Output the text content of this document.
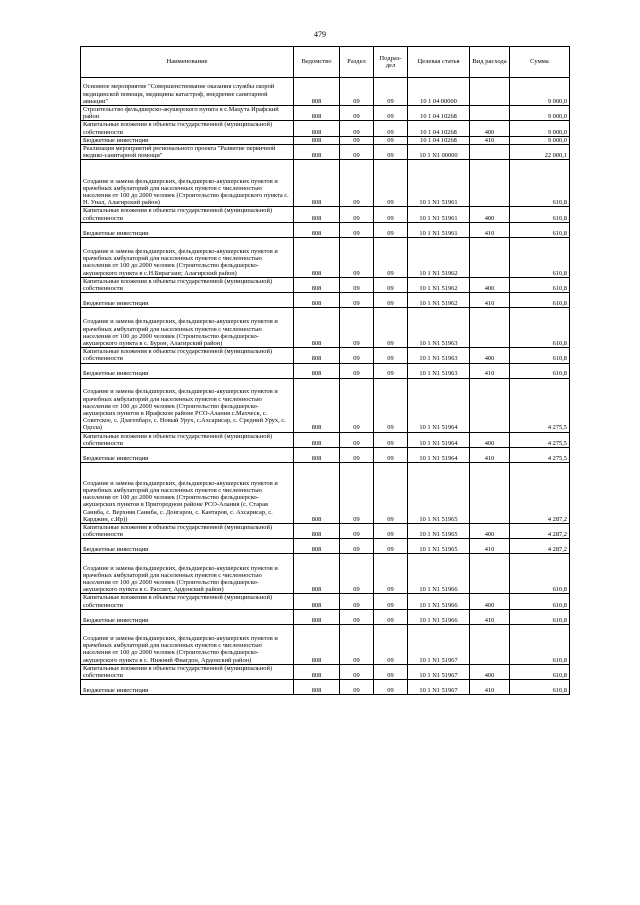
479
Наименование	Ведомство	Раздел	Подраз-дел	Целевая статья	Вид расхода	Сумма
Основное мероприятие "Совершенствование оказания службы скорой медицинской помощи, медицины катастроф, внедрение санитарной авиации"	808	09	09	10 1 04 00000		9 000,0
Строительство фельдшерско-акушерского пункта в с.Мацута Ирафский район	808	09	09	10 1 04 10268		9 000,0
Капитальные вложения в объекты государственной (муниципальной) собственности	808	09	09	10 1 04 10268	400	9 000,0
Бюджетные инвестиции	808	09	09	10 1 04 10268	410	9 000,0
Реализация мероприятий регионального проекта "Развитие первичной медико-санитарной помощи"	808	09	09	10 1 N1 00000		22 000,1
Создание и замена фельдшерских, фельдшерско-акушерских пунктов и врачебных амбулаторий для населенных пунктов с численностью населения от 100 до 2000 человек (Строительство фельдшерского пункта с. Н. Унал, Алагирский район)	808	09	09	10 1 N1 51961		610,8
Капитальные вложения в объекты государственной (муниципальной) собственности	808	09	09	10 1 N1 51961	400	610,8
Бюджетные инвестиции	808	09	09	10 1 N1 51961	410	610,8
Создание и замена фельдшерских, фельдшерско-акушерских пунктов и врачебных амбулаторий для населенных пунктов с численностью населения от 100 до 2000 человек (Строительство фельдшерско-акушерского пункта в с.Н.Бирагзанг, Алагирский район)	808	09	09	10 1 N1 51962		610,8
Капитальные вложения в объекты государственной (муниципальной) собственности	808	09	09	10 1 N1 51962	400	610,8
Бюджетные инвестиции	808	09	09	10 1 N1 51962	410	610,8
Создание и замена фельдшерских, фельдшерско-акушерских пунктов и врачебных амбулаторий для населенных пунктов с численностью населения от 100 до 2000 человек (Строительство фельдшерско-акушерского пункта в с. Бурон, Алагирский район)	808	09	09	10 1 N1 51963		610,8
Капитальные вложения в объекты государственной (муниципальной) собственности	808	09	09	10 1 N1 51963	400	610,8
Бюджетные инвестиции	808	09	09	10 1 N1 51963	410	610,8
Создание и замена фельдшерских, фельдшерско-акушерских пунктов и врачебных амбулаторий для населенных пунктов с численностью населения от 100 до 2000 человек (Строительство фельдшерско-акушерских пунктов в Ирафском районе РСО-Алания с.Махческ, с. Советское, с. Дзагепбарз, с. Новый Урух, с.Ахсарисар, с. Средний Урух, с. Одола)	808	09	09	10 1 N1 51964		4 275,5
Капитальные вложения в объекты государственной (муниципальной) собственности	808	09	09	10 1 N1 51964	400	4 275,5
Бюджетные инвестиции	808	09	09	10 1 N1 51964	410	4 275,5
Создание и замена фельдшерских, фельдшерско-акушерских пунктов и врачебных амбулаторий для населенных пунктов с численностью населения от 100 до 2000 человек (Строительство фельдшерско-акушерских пунктов в Пригородном районе РСО-Алания (с. Старая Саниба, с. Верхняя Саниба, с. Донгарон, с. Кантаров, с. Ахсарисар, с. Карджин, с.Ир))	808	09	09	10 1 N1 51965		4 287,2
Капитальные вложения в объекты государственной (муниципальной) собственности	808	09	09	10 1 N1 51965	400	4 287,2
Бюджетные инвестиции	808	09	09	10 1 N1 51965	410	4 287,2
Создание и замена фельдшерских, фельдшерско-акушерских пунктов и врачебных амбулаторий для населенных пунктов с численностью населения от 100 до 2000 человек (Строительство фельдшерско-акушерского пункта в с. Рассвет, Ардонский район)	808	09	09	10 1 N1 51966		610,8
Капитальные вложения в объекты государственной (муниципальной) собственности	808	09	09	10 1 N1 51966	400	610,8
Бюджетные инвестиции	808	09	09	10 1 N1 51966	410	610,8
Создание и замена фельдшерских, фельдшерско-акушерских пунктов и врачебных амбулаторий для населенных пунктов с численностью населения от 100 до 2000 человек (Строительство фельдшерско-акушерского пункта в с. Нижний Фиагдон, Ардонский район)	808	09	09	10 1 N1 51967		610,8
Капитальные вложения в объекты государственной (муниципальной) собственности	808	09	09	10 1 N1 51967	400	610,8
Бюджетные инвестиции	808	09	09	10 1 N1 51967	410	610,8
